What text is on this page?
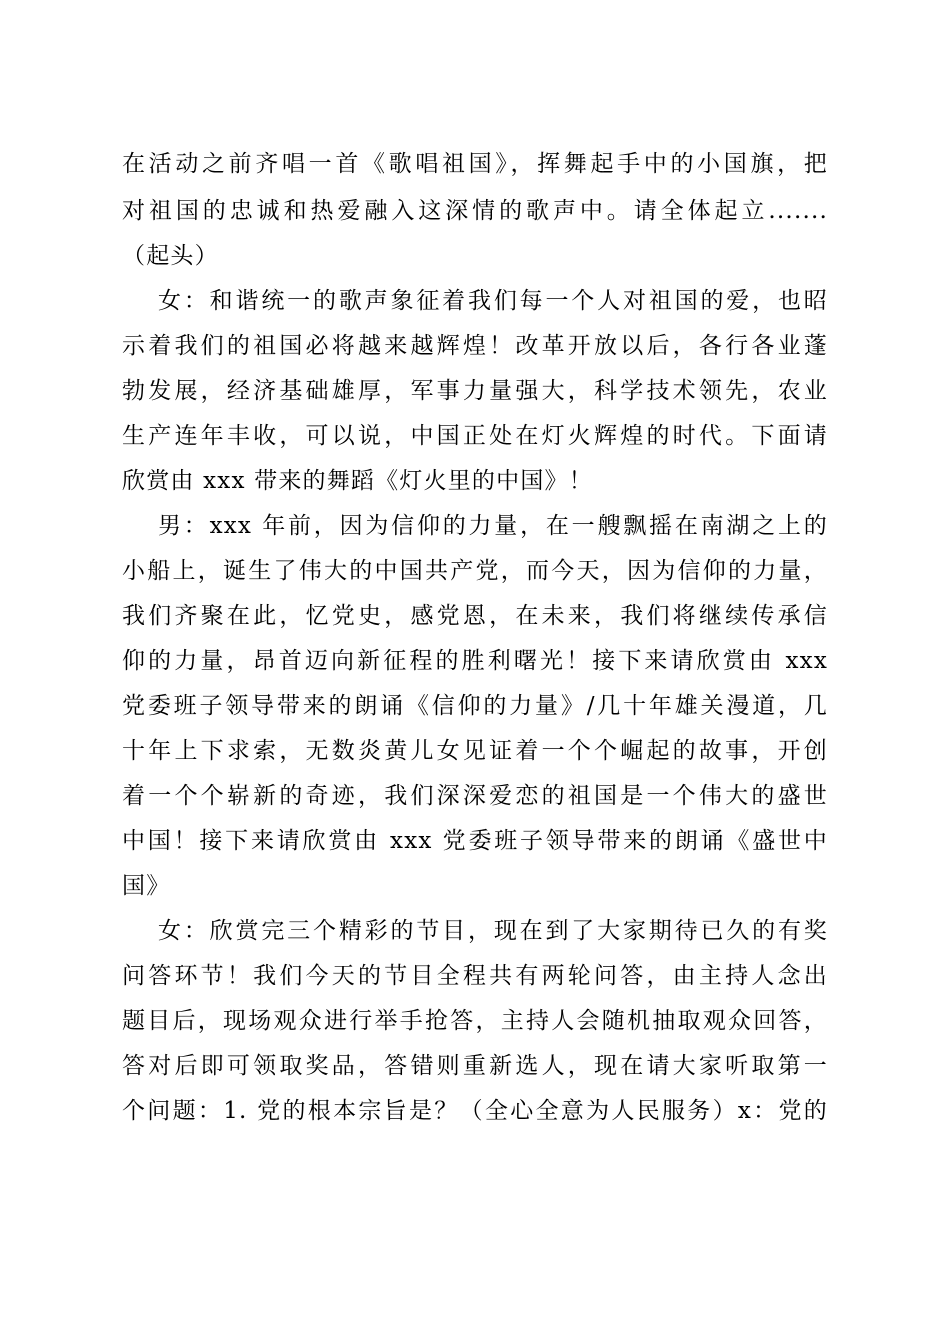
在活动之前齐唱一首《歌唱祖国》，挥舞起手中的小国旗，把
对祖国的忠诚和热爱融入这深情的歌声中。请全体起立.......
（起头）
女：和谐统一的歌声象征着我们每一个人对祖国的爱，也昭
示着我们的祖国必将越来越辉煌！改革开放以后，各行各业蓬
勃发展，经济基础雄厚，军事力量强大，科学技术领先，农业
生产连年丰收，可以说，中国正处在灯火辉煌的时代。下面请
欣赏由 xxx 带来的舞蹈《灯火里的中国》！
男：xxx 年前，因为信仰的力量，在一艘飘摇在南湖之上的
小船上，诞生了伟大的中国共产党，而今天，因为信仰的力量，
我们齐聚在此，忆党史，感党恩，在未来，我们将继续传承信
仰的力量，昂首迈向新征程的胜利曙光！接下来请欣赏由 xxx
党委班子领导带来的朗诵《信仰的力量》/几十年雄关漫道，几
十年上下求索，无数炎黄儿女见证着一个个崛起的故事，开创
着一个个崭新的奇迹，我们深深爱恋的祖国是一个伟大的盛世
中国！接下来请欣赏由 xxx 党委班子领导带来的朗诵《盛世中
国》
女：欣赏完三个精彩的节目，现在到了大家期待已久的有奖
问答环节！我们今天的节目全程共有两轮问答，由主持人念出
题目后，现场观众进行举手抢答，主持人会随机抽取观众回答，
答对后即可领取奖品，答错则重新选人，现在请大家听取第一
个问题：1. 党的根本宗旨是？（全心全意为人民服务）x：党的
